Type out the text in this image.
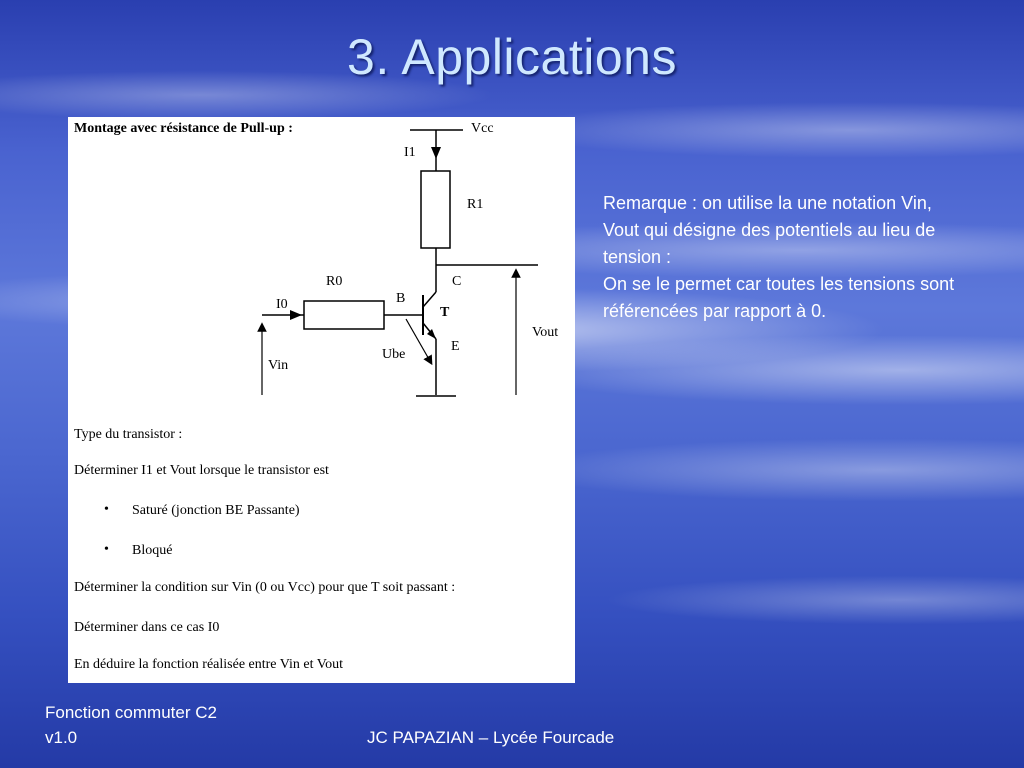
3. Applications
Montage avec résistance de Pull-up :	Vcc
I1
R1
C
R0
I0	B
T
Vout
E
Ube
Vin
Type du transistor :
Déterminer I1 et Vout lorsque le transistor est
• Saturé (jonction BE Passante)
• Bloqué
Déterminer la condition sur Vin (0 ou Vcc) pour que T soit passant :
Déterminer dans ce cas I0
En déduire la fonction réalisée entre Vin et Vout

Remarque : on utilise la une notation Vin, Vout qui désigne des potentiels au lieu de tension :

On se le permet car toutes les tensions sont référencées par rapport à 0.

Fonction commuter C2
v1.0	JC PAPAZIAN – Lycée Fourcade
